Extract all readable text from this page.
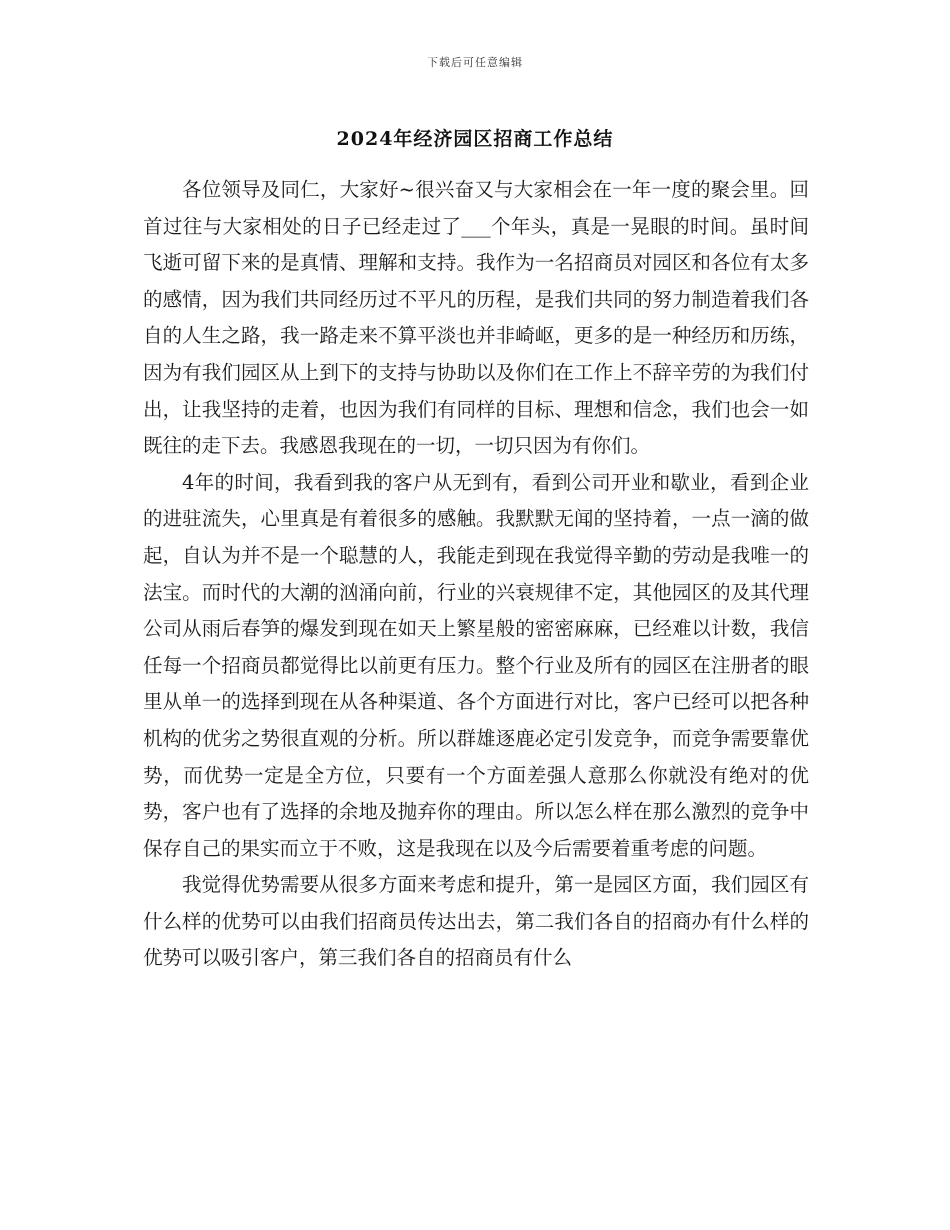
下载后可任意编辑
2024年经济园区招商工作总结

各位领导及同仁，大家好~很兴奋又与大家相会在一年一度的聚会里。回首过往与大家相处的日子已经走过了___个年头，真是一晃眼的时间。虽时间飞逝可留下来的是真情、理解和支持。我作为一名招商员对园区和各位有太多的感情，因为我们共同经历过不平凡的历程，是我们共同的努力制造着我们各自的人生之路，我一路走来不算平淡也并非崎岖，更多的是一种经历和历练，因为有我们园区从上到下的支持与协助以及你们在工作上不辞辛劳的为我们付出，让我坚持的走着，也因为我们有同样的目标、理想和信念，我们也会一如既往的走下去。我感恩我现在的一切，一切只因为有你们。

4年的时间，我看到我的客户从无到有，看到公司开业和歇业，看到企业的进驻流失，心里真是有着很多的感触。我默默无闻的坚持着，一点一滴的做起，自认为并不是一个聪慧的人，我能走到现在我觉得辛勤的劳动是我唯一的法宝。而时代的大潮的汹涌向前，行业的兴衰规律不定，其他园区的及其代理公司从雨后春笋的爆发到现在如天上繁星般的密密麻麻，已经难以计数，我信任每一个招商员都觉得比以前更有压力。整个行业及所有的园区在注册者的眼里从单一的选择到现在从各种渠道、各个方面进行对比，客户已经可以把各种机构的优劣之势很直观的分析。所以群雄逐鹿必定引发竞争，而竞争需要靠优势，而优势一定是全方位，只要有一个方面差强人意那么你就没有绝对的优势，客户也有了选择的余地及抛弃你的理由。所以怎么样在那么激烈的竞争中保存自己的果实而立于不败，这是我现在以及今后需要着重考虑的问题。

我觉得优势需要从很多方面来考虑和提升，第一是园区方面，我们园区有什么样的优势可以由我们招商员传达出去，第二我们各自的招商办有什么样的优势可以吸引客户，第三我们各自的招商员有什么
